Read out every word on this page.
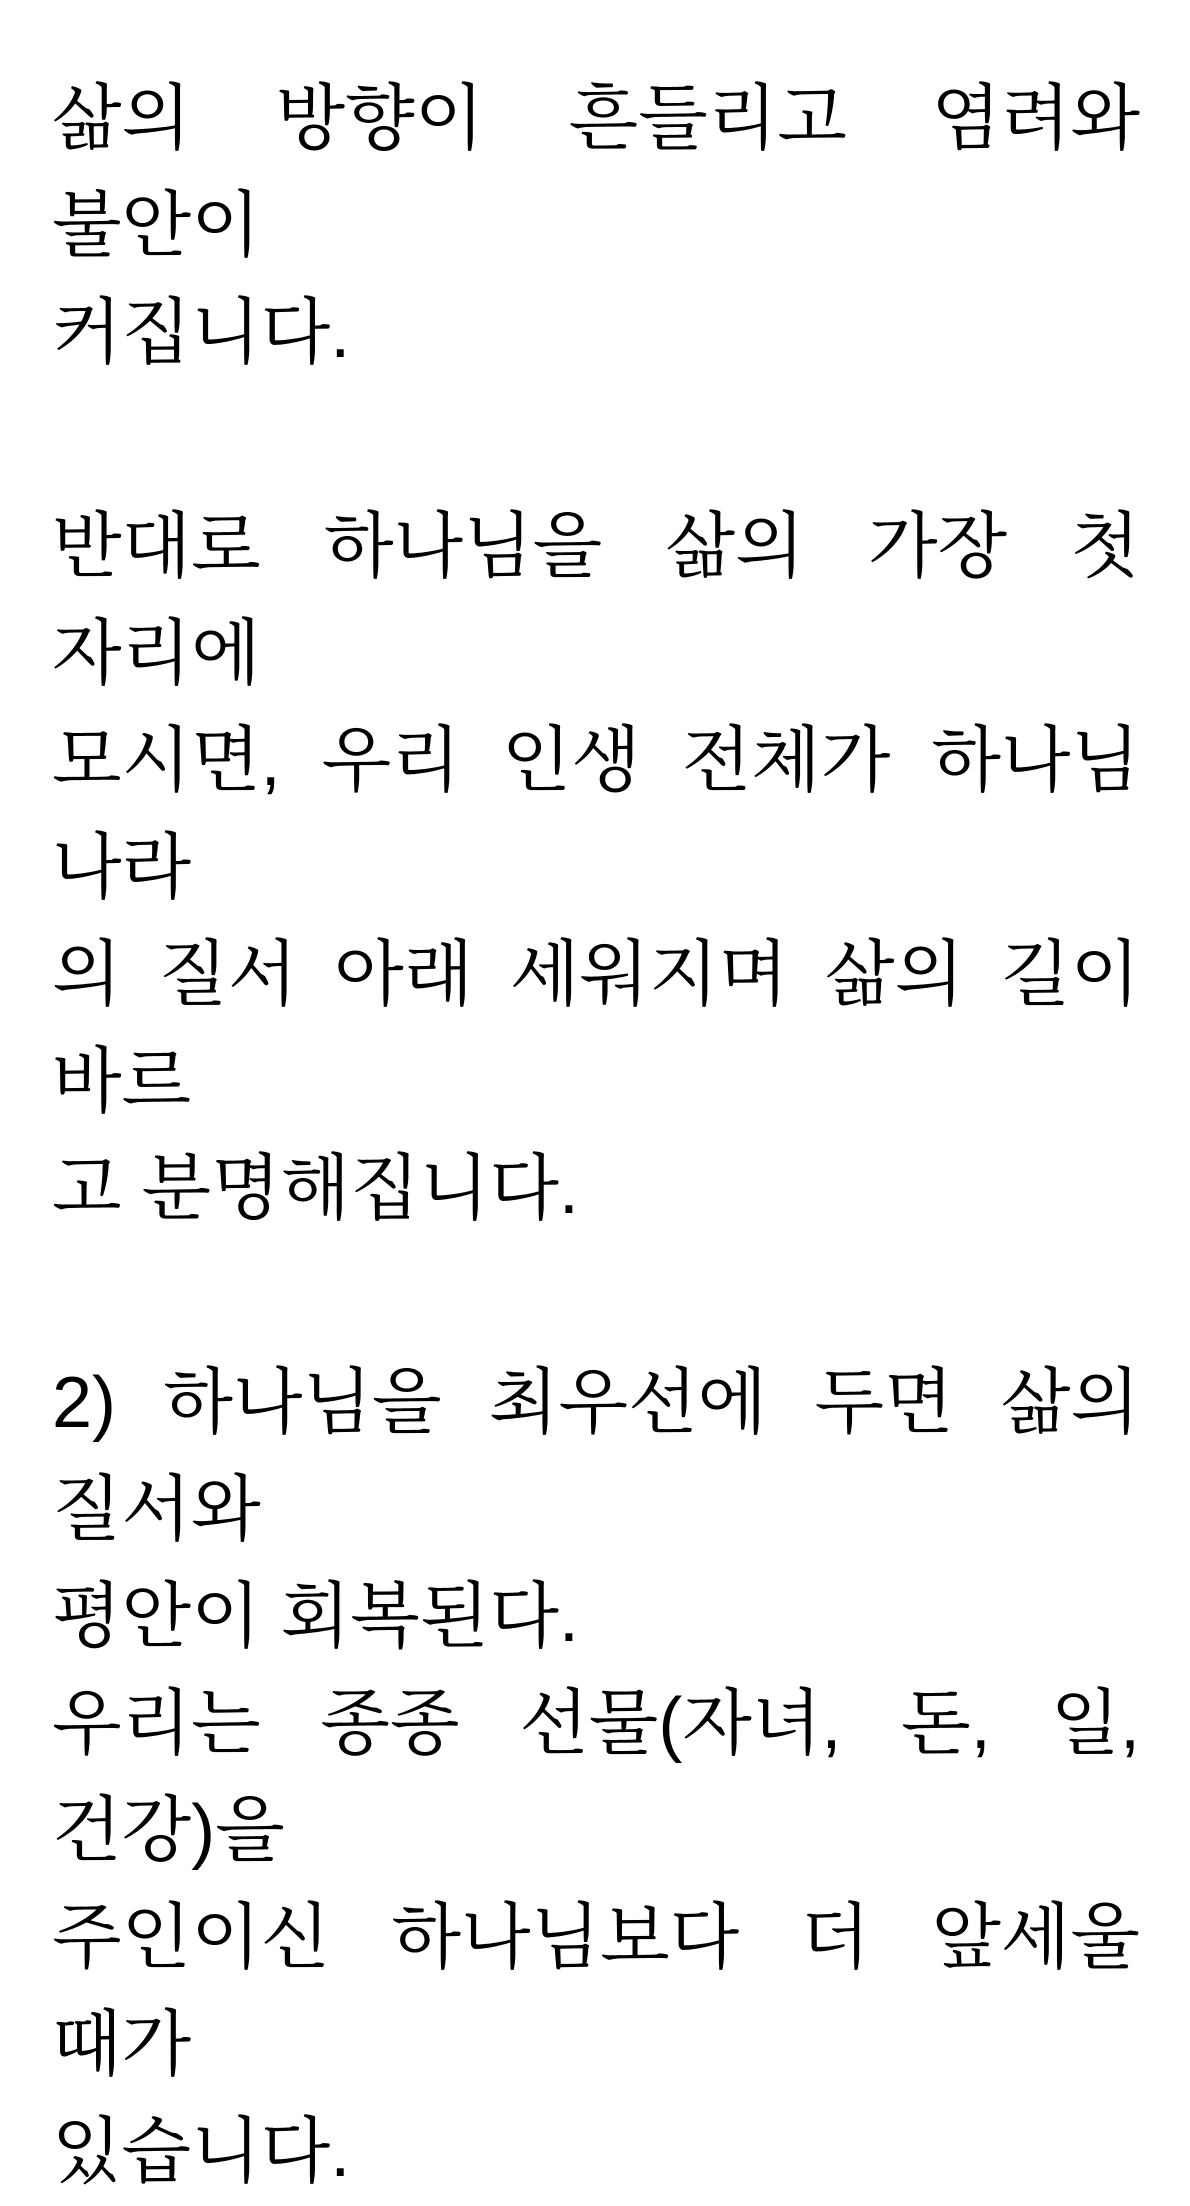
삶의 방향이 흔들리고 염려와 불안이
커집니다.
반대로 하나님을 삶의 가장 첫 자리에
모시면, 우리 인생 전체가 하나님 나라
의 질서 아래 세워지며 삶의 길이 바르
고 분명해집니다.
2) 하나님을 최우선에 두면 삶의 질서와
평안이 회복된다.
우리는 종종 선물(자녀, 돈, 일, 건강)을
주인이신 하나님보다 더 앞세울 때가
있습니다.
